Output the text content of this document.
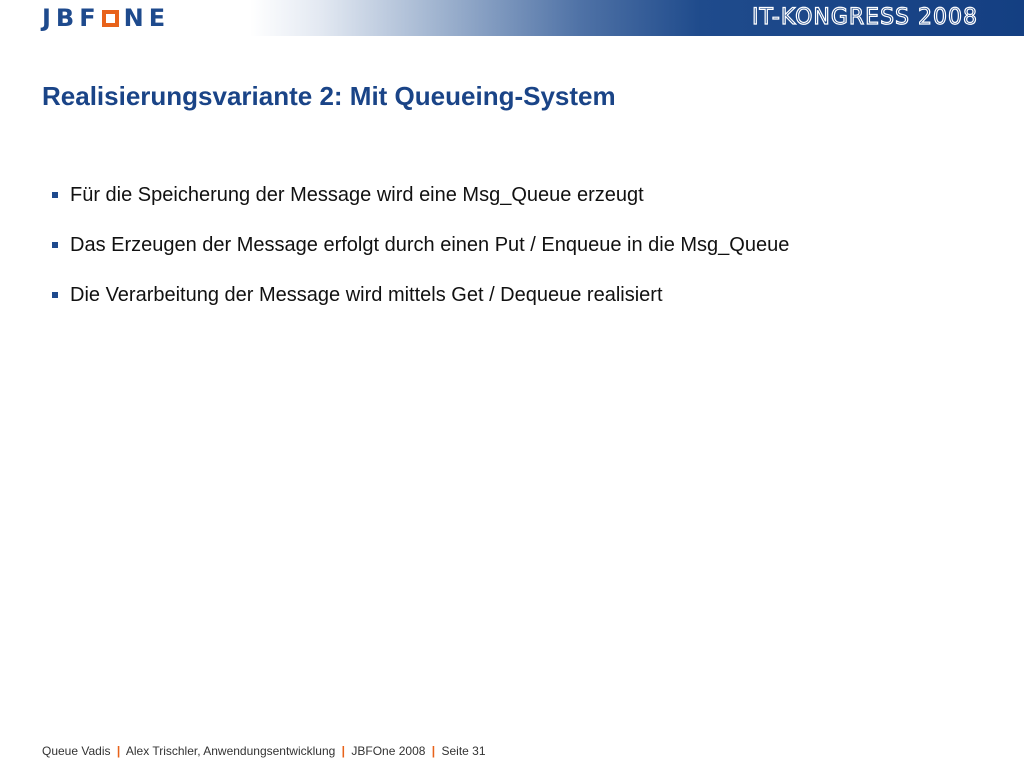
JBF NE	IT-KONGRESS 2008
Realisierungsvariante 2: Mit Queueing-System
Für die Speicherung der Message wird eine Msg_Queue erzeugt
Das Erzeugen der Message erfolgt durch einen Put / Enqueue in die Msg_Queue
Die Verarbeitung der Message wird mittels Get / Dequeue realisiert
Queue Vadis | Alex Trischler, Anwendungsentwicklung | JBFOne 2008 | Seite 31
